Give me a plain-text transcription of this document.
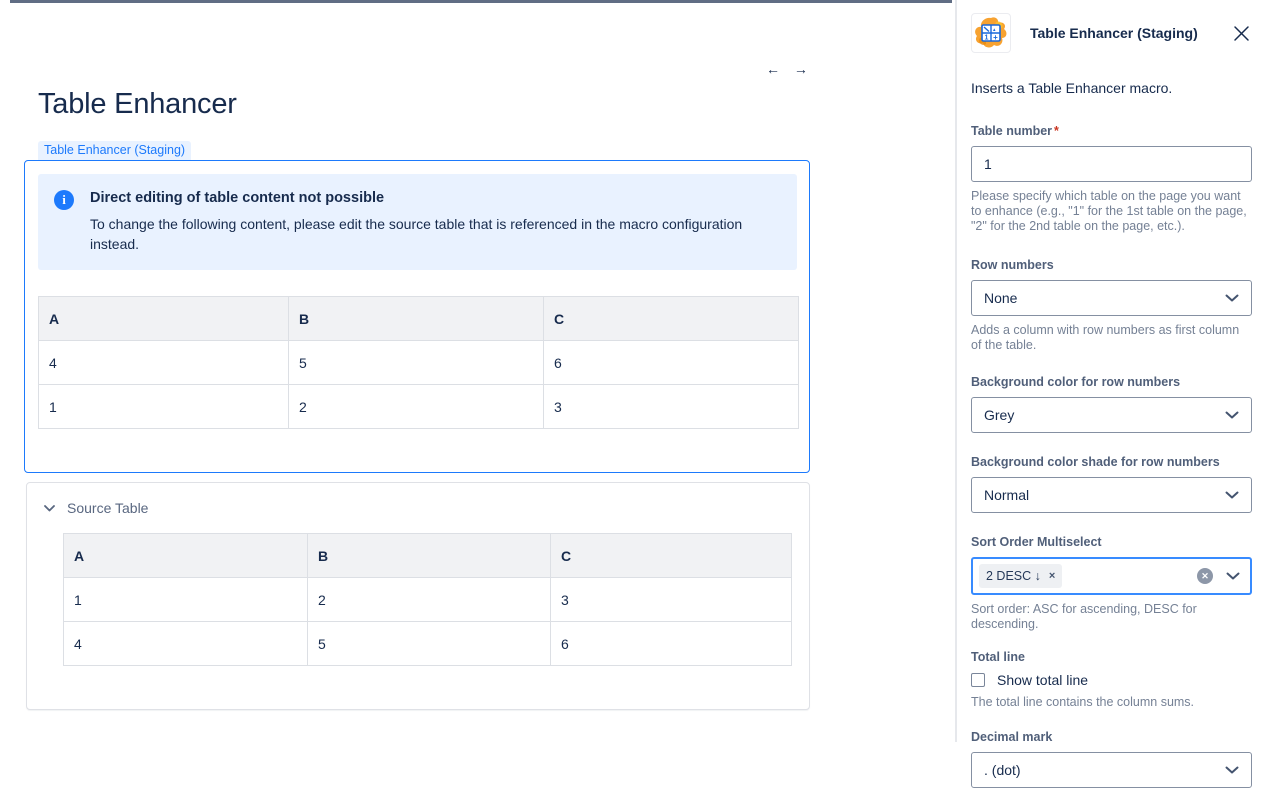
← →
Table Enhancer
Table Enhancer (Staging)
i	Direct editing of table content not possible
To change the following content, please edit the source table that is referenced in the macro configuration instead.
A	B	C
4	5	6
1	2	3
Source Table
A	B	C
1	2	3
4	5	6
1 + Table Enhancer (Staging)
Inserts a Table Enhancer macro.
Table number *
1
Please specify which table on the page you want to enhance (e.g., "1" for the 1st table on the page, "2" for the 2nd table on the page, etc.).
Row numbers
None
Adds a column with row numbers as first column of the table.
Background color for row numbers
Grey
Background color shade for row numbers
Normal
Sort Order Multiselect
2 DESC ↓ ×	✕
Sort order: ASC for ascending, DESC for descending.
Total line
Show total line
The total line contains the column sums.
Decimal mark
. (dot)
